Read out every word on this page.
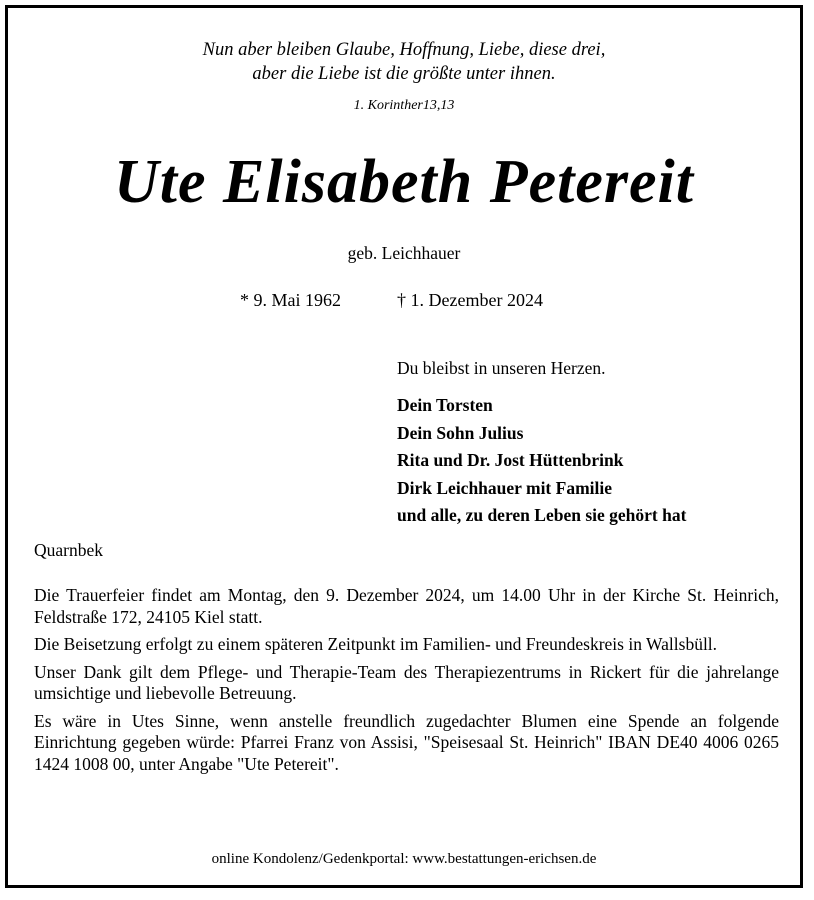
Nun aber bleiben Glaube, Hoffnung, Liebe, diese drei,
aber die Liebe ist die größte unter ihnen.
1. Korinther13,13
Ute Elisabeth Petereit
geb. Leichhauer
* 9. Mai 1962	† 1. Dezember 2024
Du bleibst in unseren Herzen.
Dein Torsten
Dein Sohn Julius
Rita und Dr. Jost Hüttenbrink
Dirk Leichhauer mit Familie
und alle, zu deren Leben sie gehört hat
Quarnbek

Die Trauerfeier findet am Montag, den 9. Dezember 2024, um 14.00 Uhr in der Kirche St. Heinrich, Feldstraße 172, 24105 Kiel statt.

Die Beisetzung erfolgt zu einem späteren Zeitpunkt im Familien- und Freundeskreis in Wallsbüll.

Unser Dank gilt dem Pflege- und Therapie-Team des Therapiezentrums in Rickert für die jahrelange umsichtige und liebevolle Betreuung.

Es wäre in Utes Sinne, wenn anstelle freundlich zugedachter Blumen eine Spende an folgende Einrichtung gegeben würde: Pfarrei Franz von Assisi, "Speisesaal St. Heinrich" IBAN DE40 4006 0265 1424 1008 00, unter Angabe "Ute Petereit".

online Kondolenz/Gedenkportal: www.bestattungen-erichsen.de
